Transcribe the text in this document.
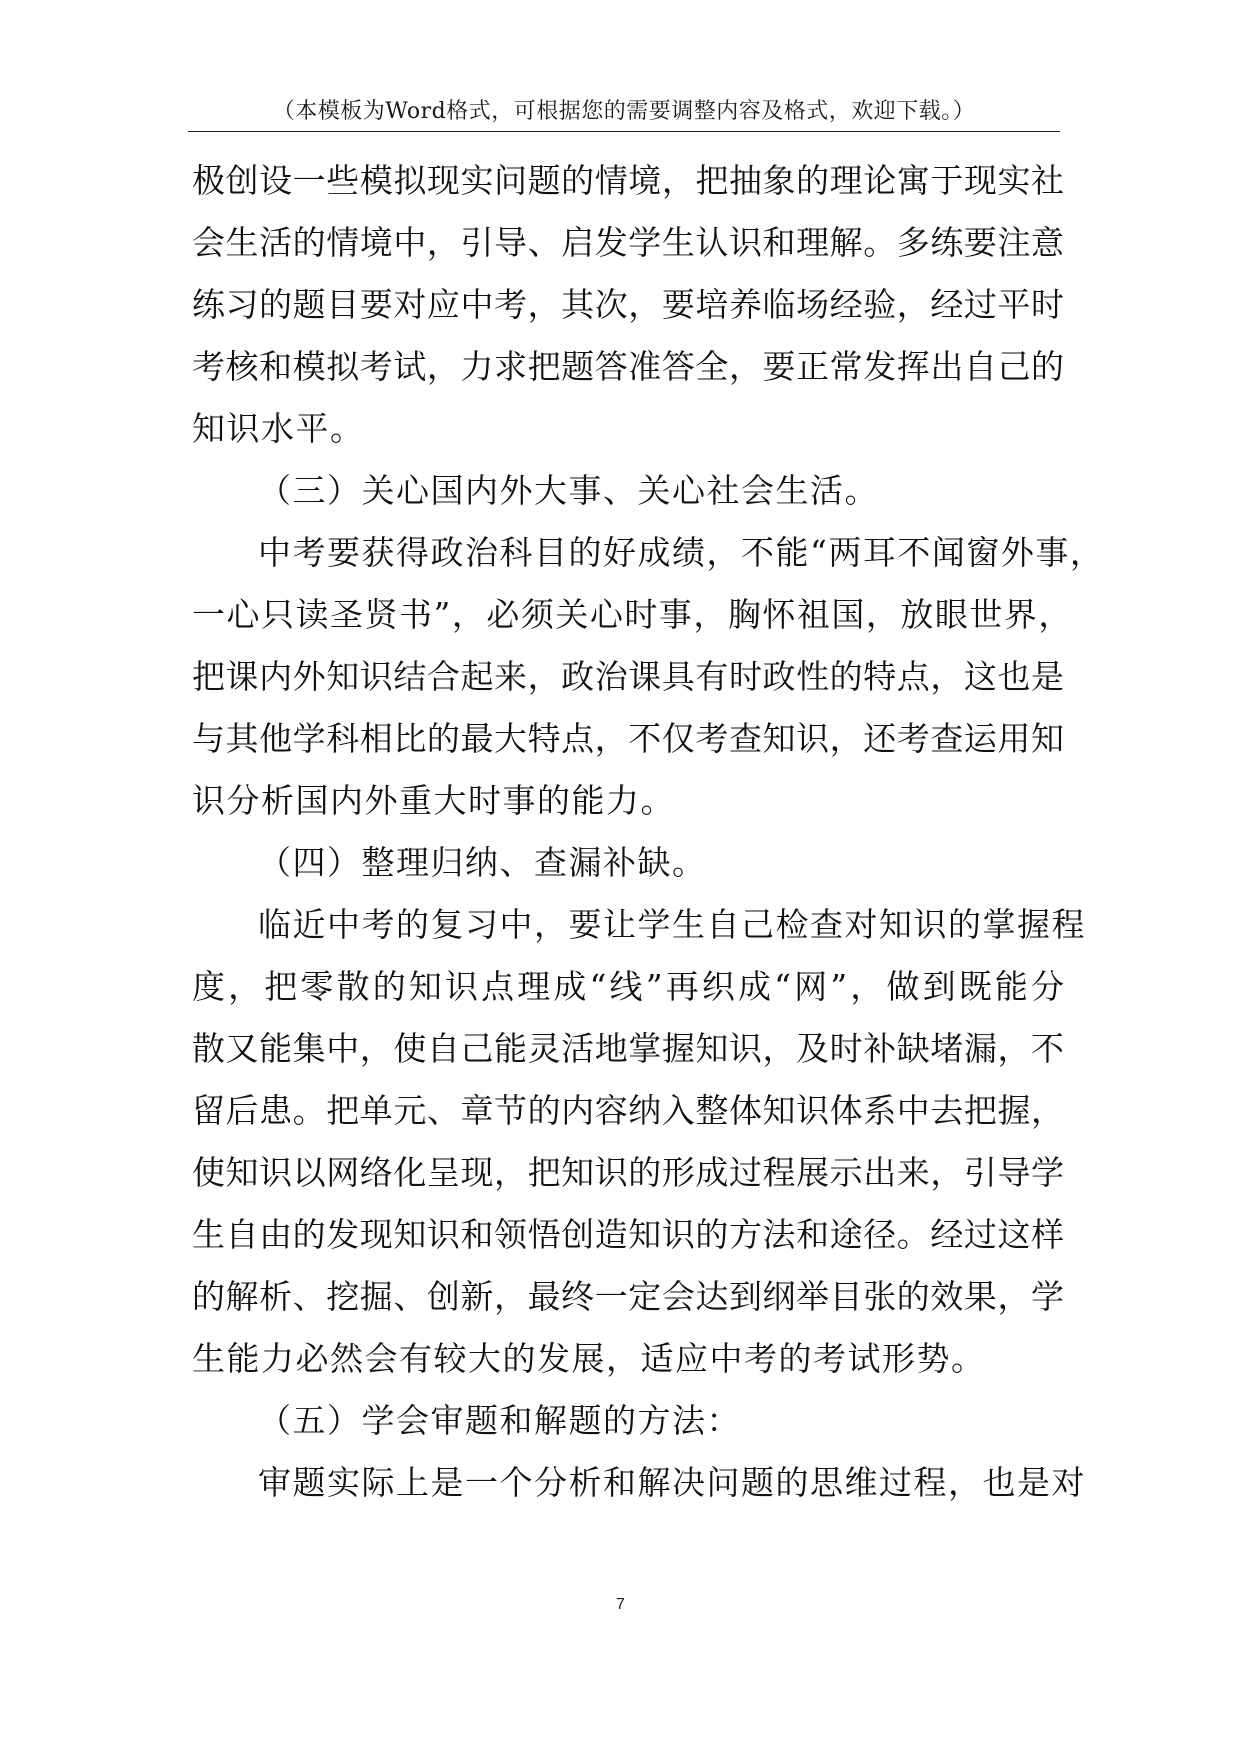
（本模板为Word格式，可根据您的需要调整内容及格式，欢迎下载。）
极创设一些模拟现实问题的情境，把抽象的理论寓于现实社
会生活的情境中，引导、启发学生认识和理解。多练要注意
练习的题目要对应中考，其次，要培养临场经验，经过平时
考核和模拟考试，力求把题答准答全，要正常发挥出自己的
知识水平。
（三）关心国内外大事、关心社会生活。
中考要获得政治科目的好成绩，不能“两耳不闻窗外事，
一心只读圣贤书”，必须关心时事，胸怀祖国，放眼世界，
把课内外知识结合起来，政治课具有时政性的特点，这也是
与其他学科相比的最大特点，不仅考查知识，还考查运用知
识分析国内外重大时事的能力。
（四）整理归纳、查漏补缺。
临近中考的复习中，要让学生自己检查对知识的掌握程
度，把零散的知识点理成“线”再织成“网”，做到既能分
散又能集中，使自己能灵活地掌握知识，及时补缺堵漏，不
留后患。把单元、章节的内容纳入整体知识体系中去把握，
使知识以网络化呈现，把知识的形成过程展示出来，引导学
生自由的发现知识和领悟创造知识的方法和途径。经过这样
的解析、挖掘、创新，最终一定会达到纲举目张的效果，学
生能力必然会有较大的发展，适应中考的考试形势。
（五）学会审题和解题的方法：
审题实际上是一个分析和解决问题的思维过程，也是对
7
